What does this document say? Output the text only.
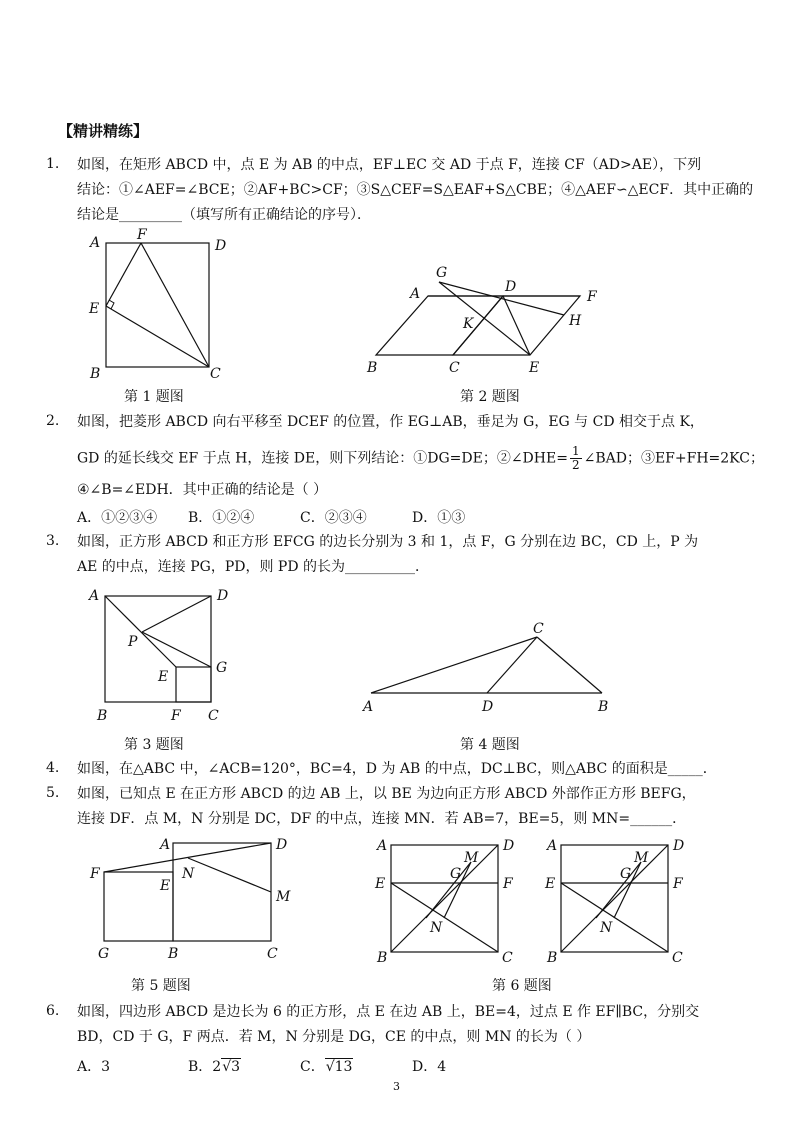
【精讲精练】
1. 如图，在矩形 ABCD 中，点 E 为 AB 的中点，EF⊥EC 交 AD 于点 F，连接 CF（AD>AE），下列
结论：①∠AEF=∠BCE；②AF+BC>CF；③S△CEF=S△EAF+S△CBE；④△AEF∽△ECF．其中正确的
结论是_________（填写所有正确结论的序号）．
A	F
D
E
B	C
第 1 题图
G
A	D
F
K	H
B	C	E
第 2 题图
2. 如图，把菱形 ABCD 向右平移至 DCEF 的位置，作 EG⊥AB，垂足为 G，EG 与 CD 相交于点 K，
GD 的延长线交 EF 于点 H，连接 DE，则下列结论：①DG=DE；②∠DHE= $\frac{1}{2}$ ∠BAD；③EF+FH=2KC；
④∠B=∠EDH．其中正确的结论是（ ）
A．①②③④ B．①②④	C．②③④	D．①③
3. 如图，正方形 ABCD 和正方形 EFCG 的边长分别为 3 和 1，点 F，G 分别在边 BC，CD 上，P 为
AE 的中点，连接 PG，PD，则 PD 的长为__________．
A	D
P
G
E
B	F C
第 3 题图
C
A	D	B
第 4 题图
4. 如图，在△ABC 中，∠ACB=120°，BC=4，D 为 AB 的中点，DC⊥BC，则△ABC 的面积是_____．
5. 如图，已知点 E 在正方形 ABCD 的边 AB 上，以 BE 为边向正方形 ABCD 外部作正方形 BEFG，
连接 DF．点 M，N 分别是 DC，DF 的中点，连接 MN．若 AB=7，BE=5，则 MN=______．
A	D
F	N
E
M
G	B	C
第 5 题图
A	D
M
G
E	F
N
B	C
A	D
M
G
E	F
N
B	C
第 6 题图
6. 如图，四边形 ABCD 是边长为 6 的正方形，点 E 在边 AB 上，BE=4，过点 E 作 EF∥BC，分别交
BD，CD 于 G，F 两点．若 M，N 分别是 DG，CE 的中点，则 MN 的长为（ ）
A．3	B．2√3	C．√13	D．4
3
